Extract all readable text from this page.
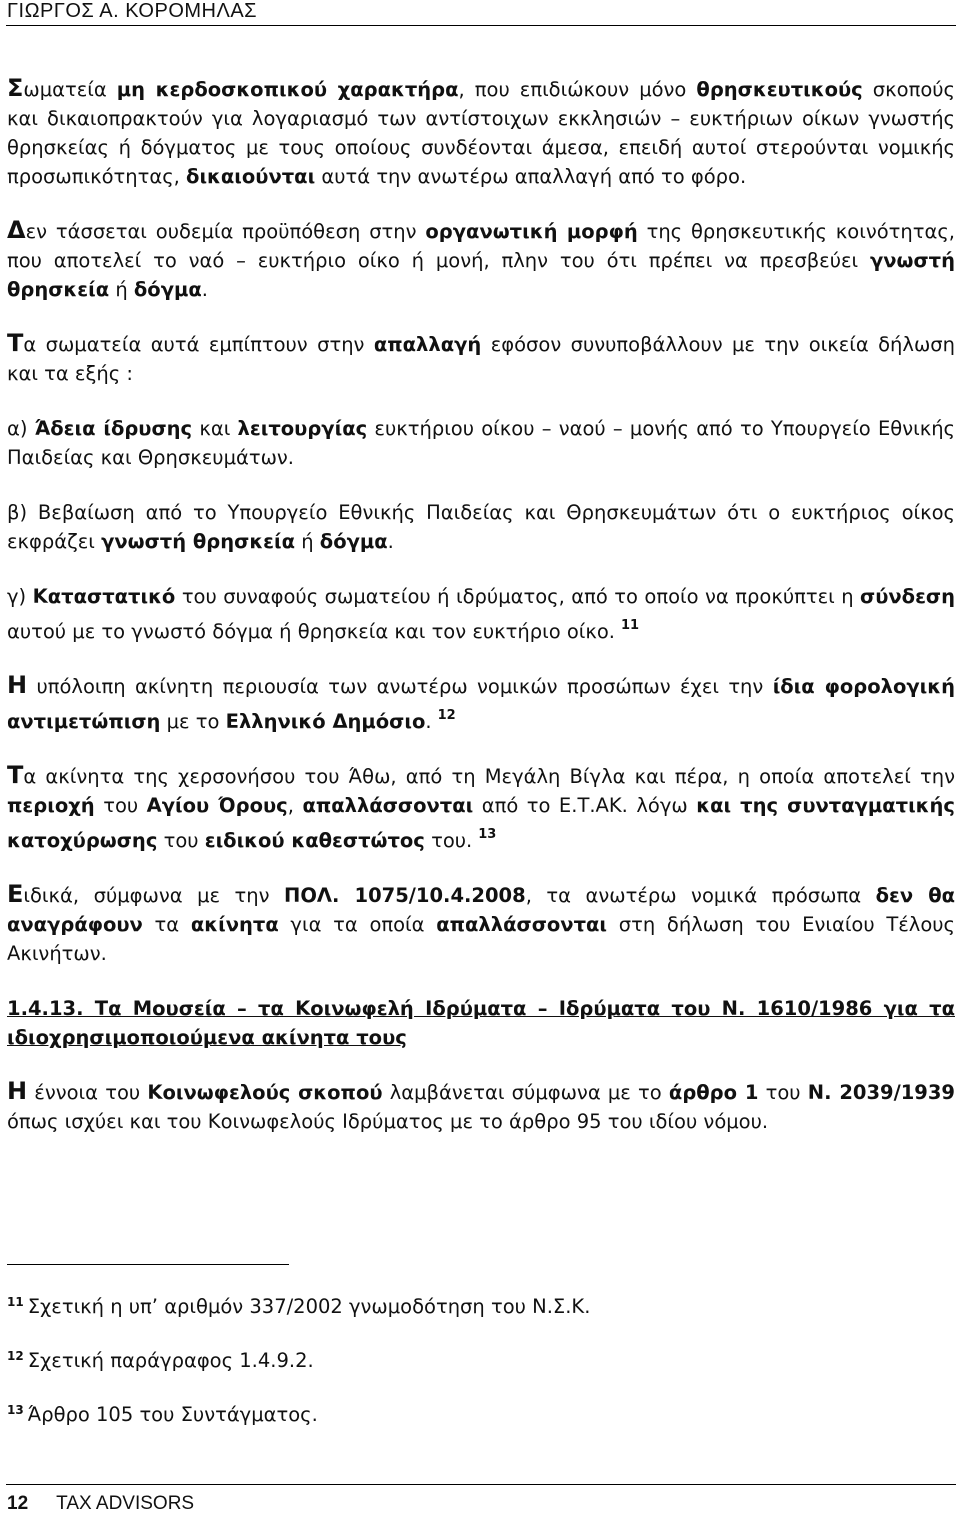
ΓΙΩΡΓΟΣ Α. ΚΟΡΟΜΗΛΑΣ

Σωματεία μη κερδοσκοπικού χαρακτήρα, που επιδιώκουν μόνο θρησκευτικούς σκοπούς και δικαιοπρακτούν για λογαριασμό των αντίστοιχων εκκλησιών – ευκτήριων οίκων γνωστής θρησκείας ή δόγματος με τους οποίους συνδέονται άμεσα, επειδή αυτοί στερούνται νομικής προσωπικότητας, δικαιούνται αυτά την ανωτέρω απαλλαγή από το φόρο.

Δεν τάσσεται ουδεμία προϋπόθεση στην οργανωτική μορφή της θρησκευτικής κοινότητας, που αποτελεί το ναό – ευκτήριο οίκο ή μονή, πλην του ότι πρέπει να πρεσβεύει γνωστή θρησκεία ή δόγμα.

Τα σωματεία αυτά εμπίπτουν στην απαλλαγή εφόσον συνυποβάλλουν με την οικεία δήλωση και τα εξής :

α) Άδεια ίδρυσης και λειτουργίας ευκτήριου οίκου – ναού – μονής από το Υπουργείο Εθνικής Παιδείας και Θρησκευμάτων.

β) Βεβαίωση από το Υπουργείο Εθνικής Παιδείας και Θρησκευμάτων ότι ο ευκτήριος οίκος εκφράζει γνωστή θρησκεία ή δόγμα.

γ) Καταστατικό του συναφούς σωματείου ή ιδρύματος, από το οποίο να προκύπτει η σύνδεση αυτού με το γνωστό δόγμα ή θρησκεία και τον ευκτήριο οίκο. $^{11}$

Η υπόλοιπη ακίνητη περιουσία των ανωτέρω νομικών προσώπων έχει την ίδια φορολογική αντιμετώπιση με το Ελληνικό Δημόσιο. $^{12}$

Τα ακίνητα της χερσονήσου του Άθω, από τη Μεγάλη Βίγλα και πέρα, η οποία αποτελεί την περιοχή του Αγίου Όρους, απαλλάσσονται από το Ε.Τ.ΑΚ. λόγω και της συνταγματικής κατοχύρωσης του ειδικού καθεστώτος του. $^{13}$

Ειδικά, σύμφωνα με την ΠΟΛ. 1075/10.4.2008, τα ανωτέρω νομικά πρόσωπα δεν θα αναγράφουν τα ακίνητα για τα οποία απαλλάσσονται στη δήλωση του Ενιαίου Τέλους Ακινήτων.

1.4.13. Τα Μουσεία – τα Κοινωφελή Ιδρύματα – Ιδρύματα του Ν. 1610/1986 για τα ιδιοχρησιμοποιούμενα ακίνητα τους

Η έννοια του Κοινωφελούς σκοπού λαμβάνεται σύμφωνα με το άρθρο 1 του Ν. 2039/1939 όπως ισχύει και του Κοινωφελούς Ιδρύματος με το άρθρο 95 του ιδίου νόμου.

$^{11}$ Σχετική η υπ’ αριθμόν 337/2002 γνωμοδότηση του Ν.Σ.Κ.

$^{12}$ Σχετική παράγραφος 1.4.9.2.

$^{13}$ Άρθρο 105 του Συντάγματος.

12 TAX ADVISORS
